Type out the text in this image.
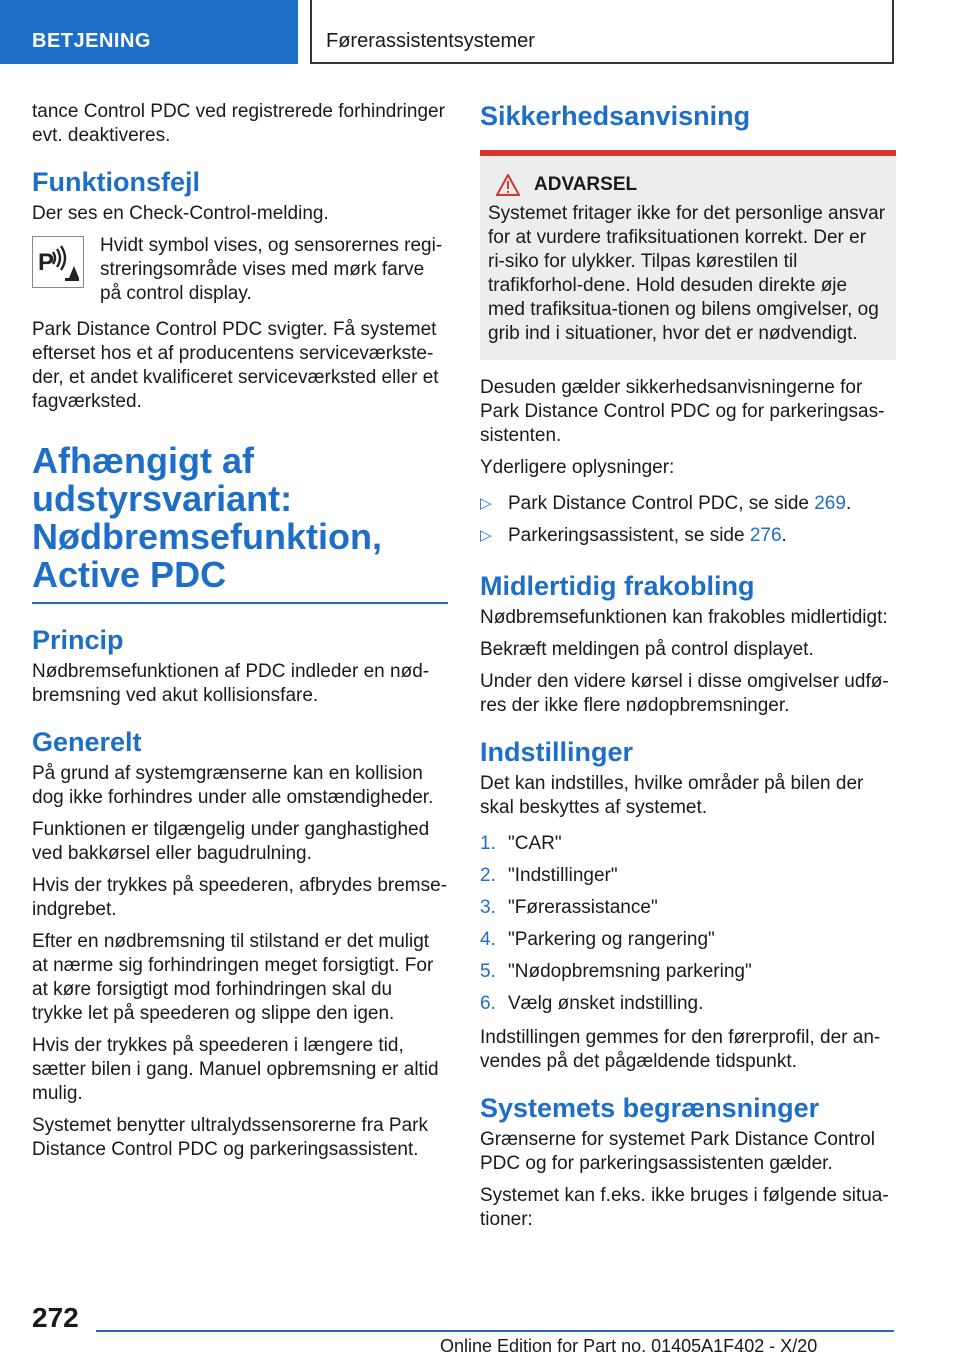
BETJENING	Førerassistentsystemer

tance Control PDC ved registrerede forhindringer evt. deaktiveres.

Funktionsfejl

Der ses en Check-Control-melding.

P

Hvidt symbol vises, og sensorernes regi-streringsområde vises med mørk farve på control display.

Park Distance Control PDC svigter. Få systemet efterset hos et af producentens serviceværkste-der, et andet kvalificeret serviceværksted eller et fagværksted.

Afhængigt af udstyrsvariant: Nødbremsefunktion, Active PDC
Princip

Nødbremsefunktionen af PDC indleder en nød-bremsning ved akut kollisionsfare.

Generelt

På grund af systemgrænserne kan en kollision dog ikke forhindres under alle omstændigheder.

Funktionen er tilgængelig under ganghastighed ved bakkørsel eller bagudrulning.

Hvis der trykkes på speederen, afbrydes bremse-indgrebet.

Efter en nødbremsning til stilstand er det muligt at nærme sig forhindringen meget forsigtigt. For at køre forsigtigt mod forhindringen skal du trykke let på speederen og slippe den igen.

Hvis der trykkes på speederen i længere tid, sætter bilen i gang. Manuel opbremsning er altid mulig.

Systemet benytter ultralydssensorerne fra Park Distance Control PDC og parkeringsassistent.

Sikkerhedsanvisning
ADVARSEL

Systemet fritager ikke for det personlige ansvar for at vurdere trafiksituationen korrekt. Der er ri-siko for ulykker. Tilpas kørestilen til trafikforhol-dene. Hold desuden direkte øje med trafiksitua-tionen og bilens omgivelser, og grib ind i situationer, hvor det er nødvendigt.

Desuden gælder sikkerhedsanvisningerne for Park Distance Control PDC og for parkeringsas-sistenten.

Yderligere oplysninger:

▷ Park Distance Control PDC, se side 269.
▷ Parkeringsassistent, se side 276.
Midlertidig frakobling

Nødbremsefunktionen kan frakobles midlertidigt:

Bekræft meldingen på control displayet.

Under den videre kørsel i disse omgivelser udfø-res der ikke flere nødopbremsninger.

Indstillinger

Det kan indstilles, hvilke områder på bilen der skal beskyttes af systemet.

1. "CAR"
2. "Indstillinger"
3. "Førerassistance"
4. "Parkering og rangering"
5. "Nødopbremsning parkering"
6. Vælg ønsket indstilling.

Indstillingen gemmes for den førerprofil, der an-vendes på det pågældende tidspunkt.

Systemets begrænsninger

Grænserne for systemet Park Distance Control PDC og for parkeringsassistenten gælder.

Systemet kan f.eks. ikke bruges i følgende situa-tioner:

272
Online Edition for Part no. 01405A1F402 - X/20
